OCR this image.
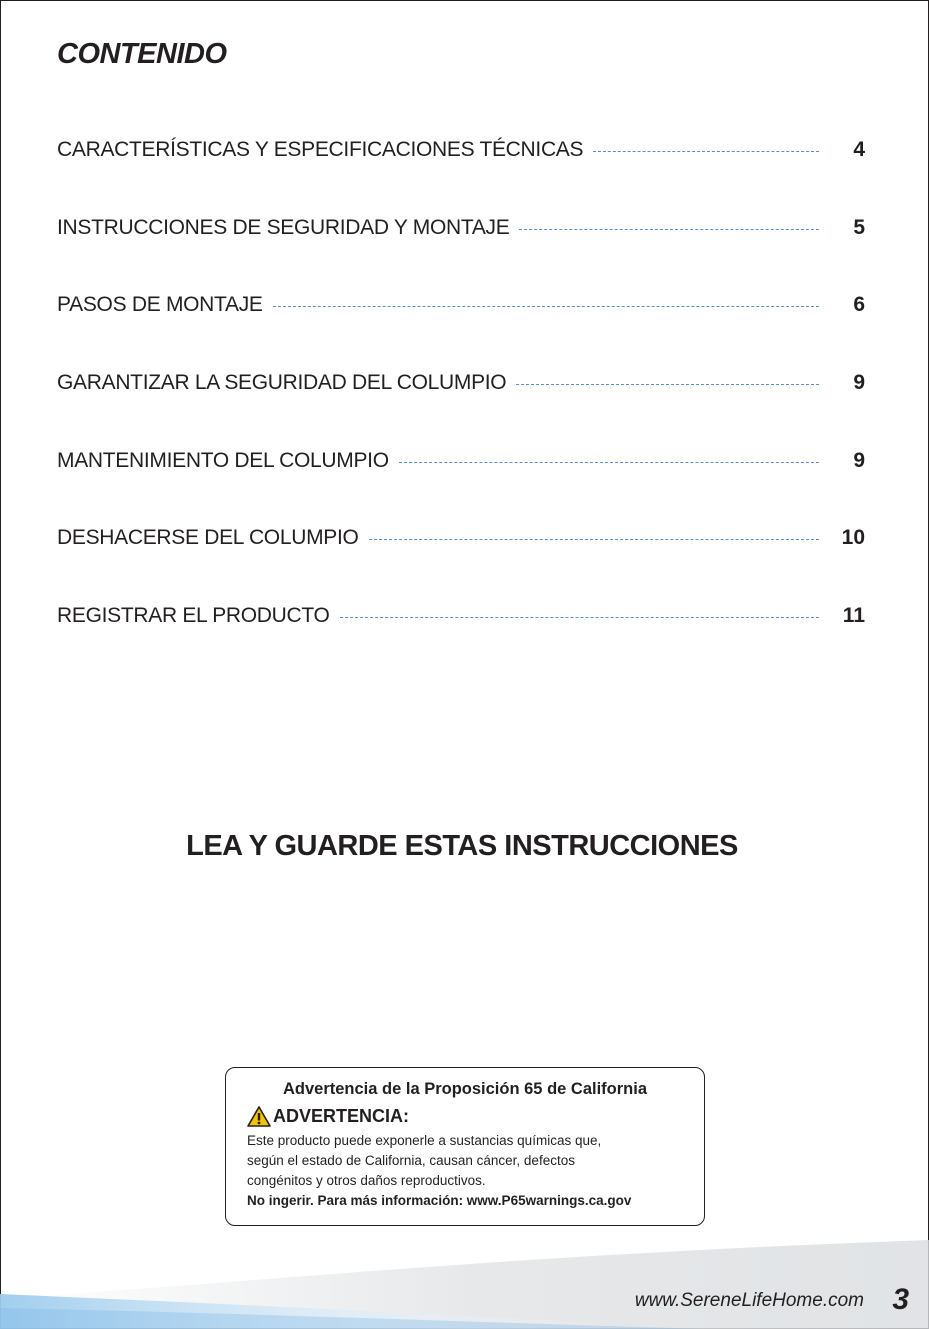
CONTENIDO
CARACTERÍSTICAS Y ESPECIFICACIONES TÉCNICAS	4
INSTRUCCIONES DE SEGURIDAD Y MONTAJE	5
PASOS DE MONTAJE	6
GARANTIZAR LA SEGURIDAD DEL COLUMPIO	9
MANTENIMIENTO DEL COLUMPIO	9
DESHACERSE DEL COLUMPIO	10
REGISTRAR EL PRODUCTO	11
LEA Y GUARDE ESTAS INSTRUCCIONES
Advertencia de la Proposición 65 de California
ADVERTENCIA:

Este producto puede exponerle a sustancias químicas que,

según el estado de California, causan cáncer, defectos

congénitos y otros daños reproductivos.

No ingerir. Para más información: www.P65warnings.ca.gov

www.SereneLifeHome.com 3
